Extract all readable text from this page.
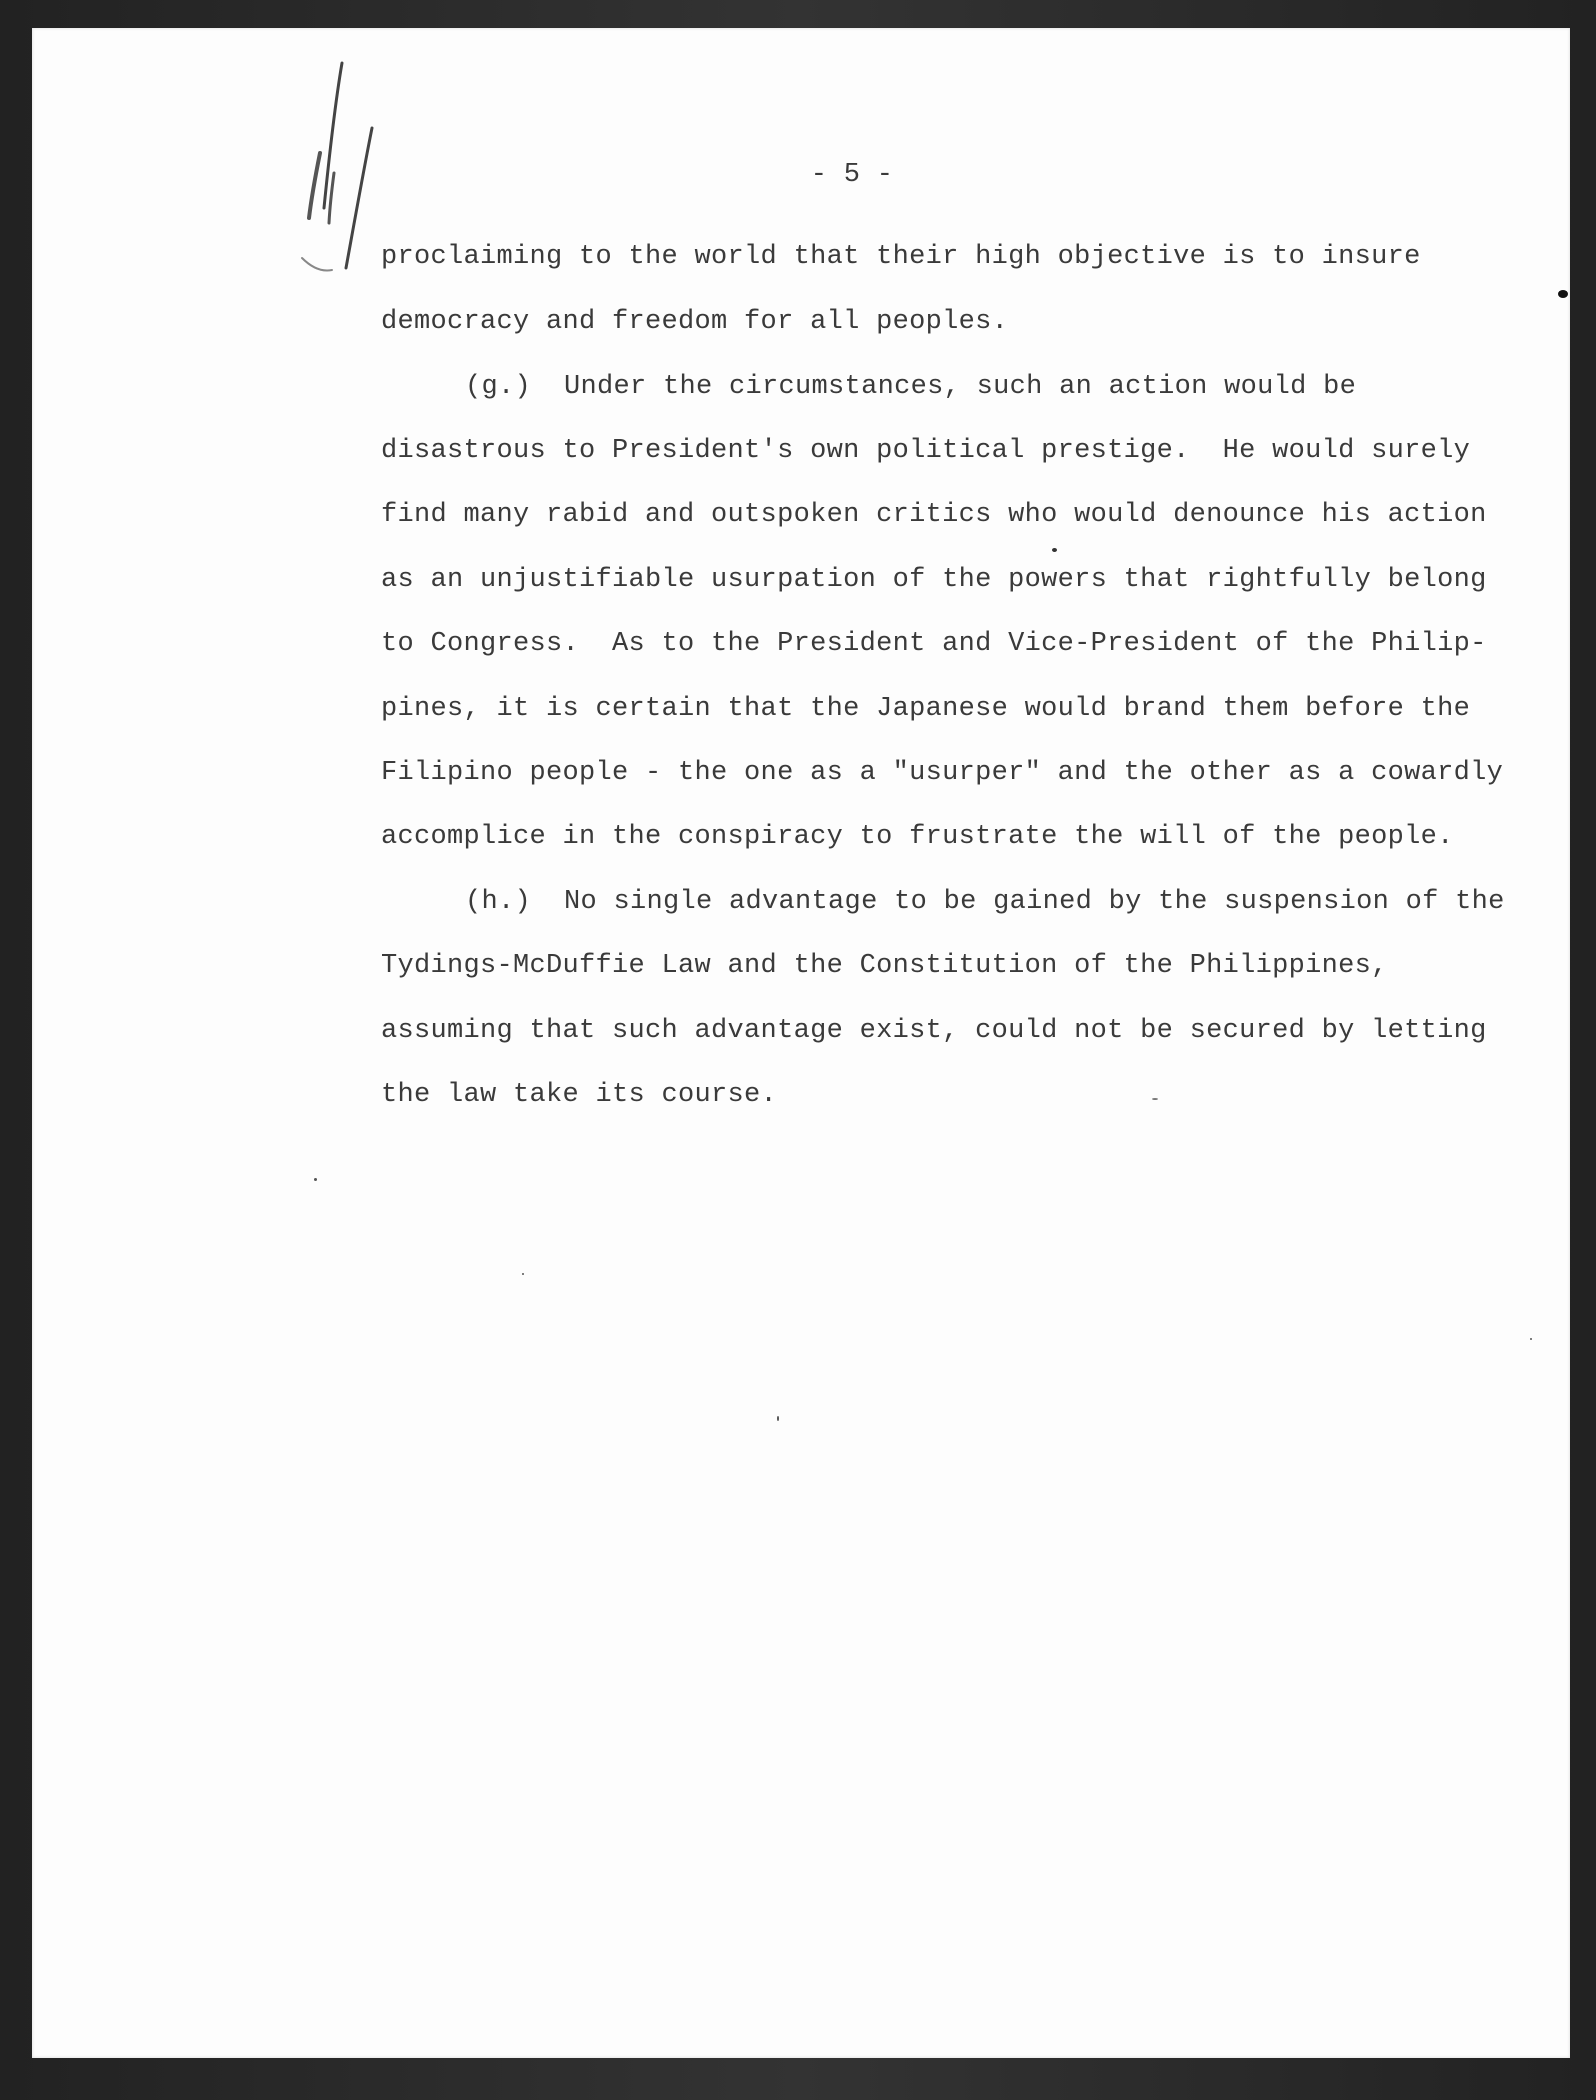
- 5 -
proclaiming to the world that their high objective is to insure
democracy and freedom for all peoples.
(g.)  Under the circumstances, such an action would be
disastrous to President's own political prestige.  He would surely
find many rabid and outspoken critics who would denounce his action
as an unjustifiable usurpation of the powers that rightfully belong
to Congress.  As to the President and Vice-President of the Philip-
pines, it is certain that the Japanese would brand them before the
Filipino people - the one as a "usurper" and the other as a cowardly
accomplice in the conspiracy to frustrate the will of the people.
(h.)  No single advantage to be gained by the suspension of the
Tydings-McDuffie Law and the Constitution of the Philippines,
assuming that such advantage exist, could not be secured by letting
the law take its course.
